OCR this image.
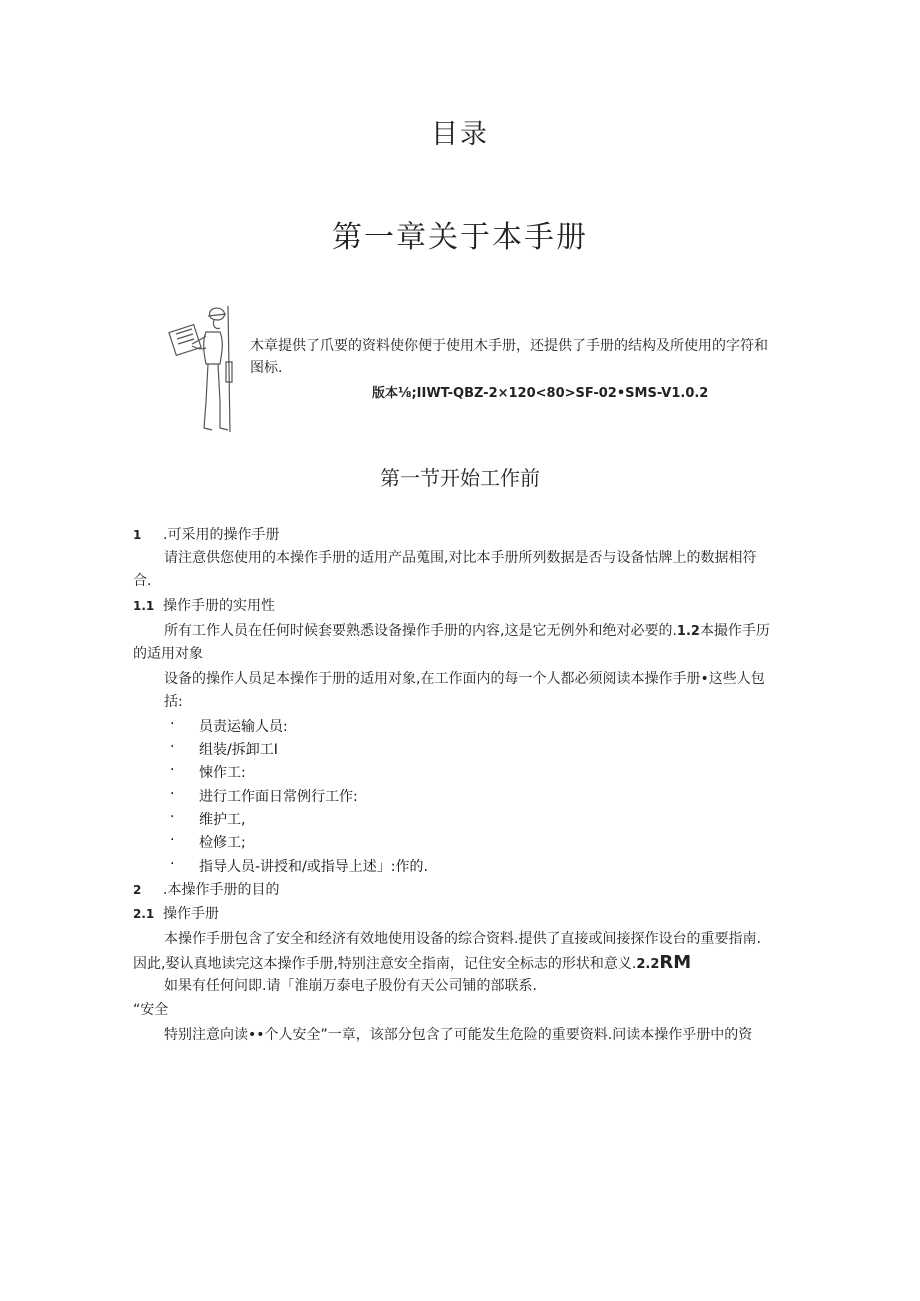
目录
第一章关于本手册
木章提供了爪要的资料使你便于使用木手册，还提供了手册的结构及所使用的字符和
图标.
版本⅛;IIWT-QBZ-2×120<80>SF-02•SMS-V1.0.2
第一节开始工作前
1 .可采用的操作手册
请注意供您使用的本操作手册的适用产品蒐围,对比本手册所列数据是否与设备怙牌上的数据相符
合.
1.1 操作手册的实用性
所有工作人员在任何时候套要熟悉设备操作手册的内容,这是它无例外和绝对必要的.1.2本撮作手历
的适用对象
设备的操作人员足本操作于册的适用对象,在工作面内的每一个人都必须阅读本操作手册•这些人包
括:
· 员责运输人员:
· 组装/拆卸工I
· 悚作工:
· 进行工作面日常例行工作:
· 维护工,
· 检修工;
· 指导人员-讲授和/或指导上述」:作的.
2 .本操作手册的目的
2.1 操作手册
本操作手册包含了安全和经济有效地使用设备的综合资料.提供了直接或间接探作设台的重要指南.
因此,娶认真地读完这本操作手册,特别注意安全指南，记住安全标志的形状和意义.2.2RM
如果有任何问即.请「淮崩万泰电子股份有天公司铺的部联系.
“安全
特别注意向读••个人安全”一章，该部分包含了可能发生危险的重要资料.问读本操作乎册中的资
